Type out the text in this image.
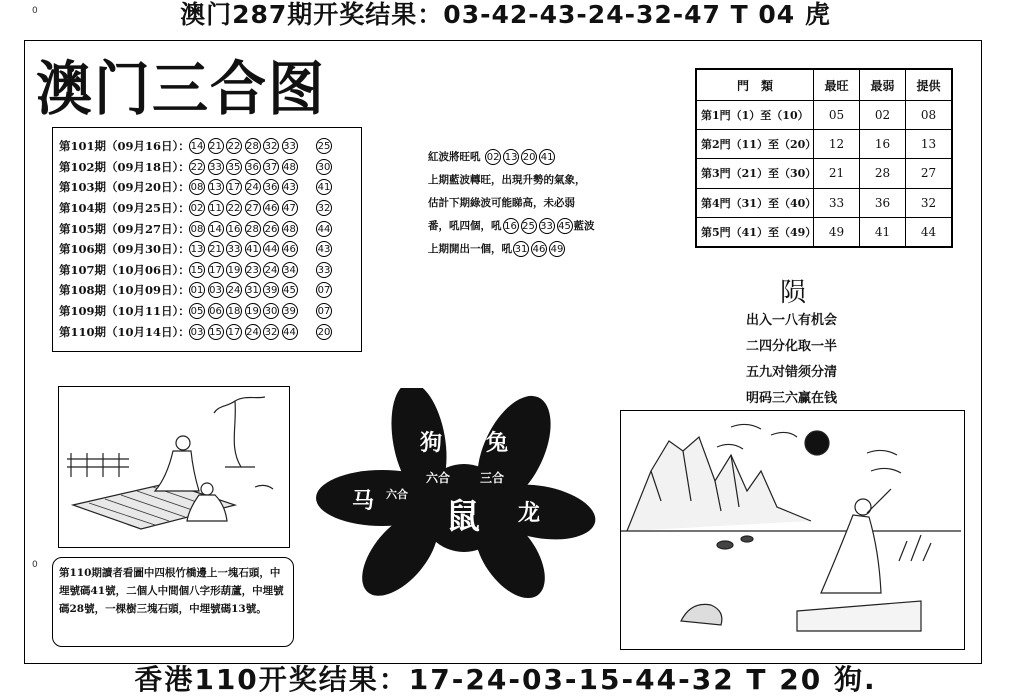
0
0
澳门287期开奖结果：03-42-43-24-32-47 T 04 虎
澳门三合图
第101期（09月16日）： 14 21 22 28 32 33 25
第102期（09月18日）： 22 33 35 36 37 48 30
第103期（09月20日）： 08 13 17 24 36 43 41
第104期（09月25日）： 02 11 22 27 46 47 32
第105期（09月27日）： 08 14 16 28 26 48 44
第106期（09月30日）： 13 21 33 41 44 46 43
第107期（10月06日）： 15 17 19 23 24 34 33
第108期（10月09日）： 01 03 24 31 39 45 07
第109期（10月11日）： 05 06 18 19 30 39 07
第110期（10月14日）： 03 15 17 24 32 44 20
紅波將旺吼 02 13 20 41
上期藍波轉旺，出現升勢的氣象，
估計下期綠波可能睇高，未必弱
番，吼四個，吼 16 25 33 45 藍波
上期開出一個，吼 31 46 49
門　類	最旺	最弱	提供
第1門（1）至（10）	05	02	08
第2門（11）至（20）	12	16	13
第3門（21）至（30）	21	28	27
第4門（31）至（40）	33	36	32
第5門（41）至（49）	49	41	44
陨
出入一八有机会
二四分化取一半
五九对错须分清
明码三六赢在钱
第110期讀者看圖中四根竹橋邊上一塊石頭，中埋號碼41號，二個人中間個八字形葫蘆，中埋號碼28號，一棵樹三塊石頭，中埋號碼13號。
狗 兔
六合 三合
马 六合
鼠 龙
香港110开奖结果：17-24-03-15-44-32 T 20 狗.
